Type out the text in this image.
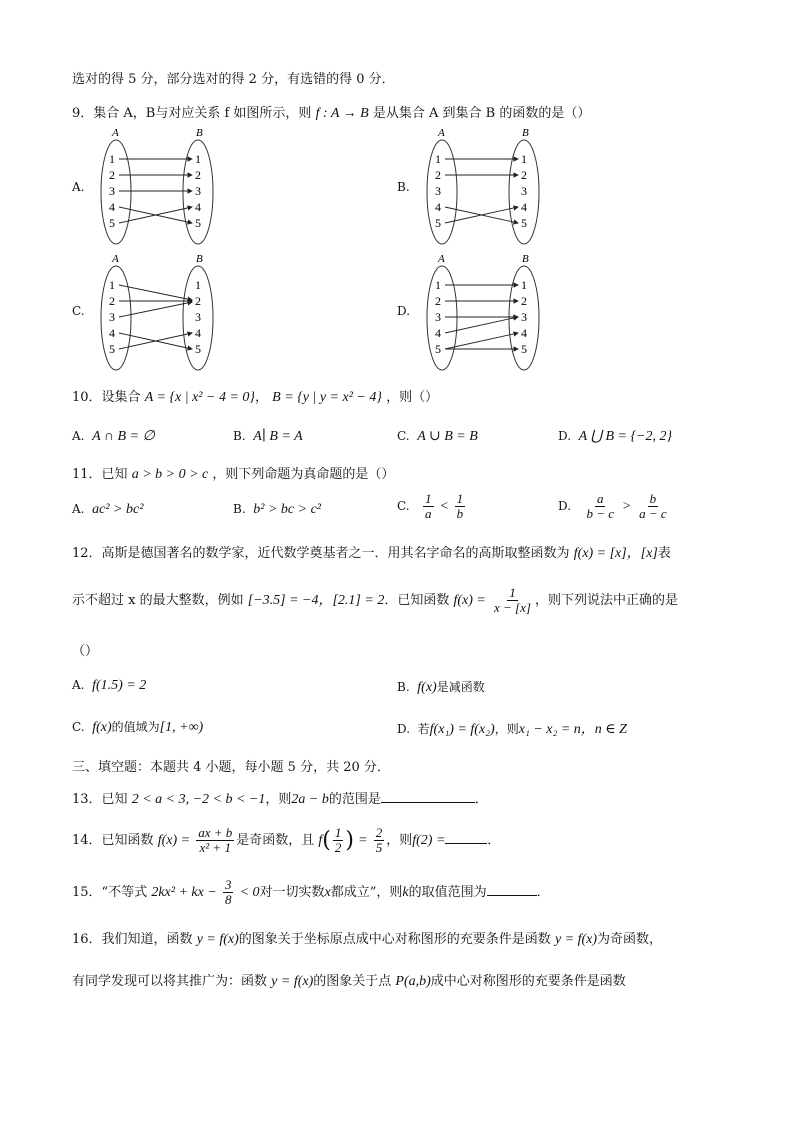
选对的得 5 分，部分选对的得 2 分，有选错的得 0 分．
9．集合 A，B与对应关系 f 如图所示，则 f : A → B 是从集合 A 到集合 B 的函数的是（）
A.	B.
C.	D.
A	B
1
2
3
4
5
1
2
3
4
5
A	B
1
2
3
4
5
1
2
3
4
5
A	B
1
2
3
4
5
1
2
3
4
5
A	B
1
2
3
4
5
1
2
3
4
5
10．设集合 A = {x | x² − 4 = 0}， B = {y | y = x² − 4} ，则（）
A. A ∩ B = ∅	B. A∣ B = A	C. A ∪ B = B	D. A ⋃ B = {−2, 2}
11．已知 a > b > 0 > c ，则下列命题为真命题的是（）
A. ac² > bc²	B. b² > bc > c²	C. $\frac{1}{a} < \frac{1}{b}$	D. $\frac{a}{b - c} > \frac{b}{a - c}$
12．高斯是德国著名的数学家，近代数学奠基者之一．用其名字命名的高斯取整函数为 f(x) = [x]，[x]表
示不超过 x 的最大整数，例如 [−3.5] = −4，[2.1] = 2．已知函数 $f(x) = \frac{1}{x - [x]}$ ，则下列说法中正确的是
（）
A. f(1.5) = 2	B. f(x)是减函数
C. f(x)的值域为[1, +∞)	D. 若f(x₁) = f(x₂)，则x₁ − x₂ = n，n ∈ Z
三、填空题：本题共 4 小题，每小题 5 分，共 20 分．
13．已知 2 < a < 3, −2 < b < −1，则2a − b的范围是	．
14．已知函数 $f(x) = \frac{ax + b}{\text{x² + 1}}$ 是奇函数，且 $f( \frac{1}{2}$ ) = $\frac{2}{5}$ ，则f(2) =	．
15．“不等式 2kx² + kx − $\frac{3}{8} < 0$对一切实数x都成立”，则k的取值范围为	．
16．我们知道，函数 y = f(x)的图象关于坐标原点成中心对称图形的充要条件是函数 y = f(x)为奇函数，
有同学发现可以将其推广为：函数 y = f(x)的图象关于点 P(a,b)成中心对称图形的充要条件是函数
